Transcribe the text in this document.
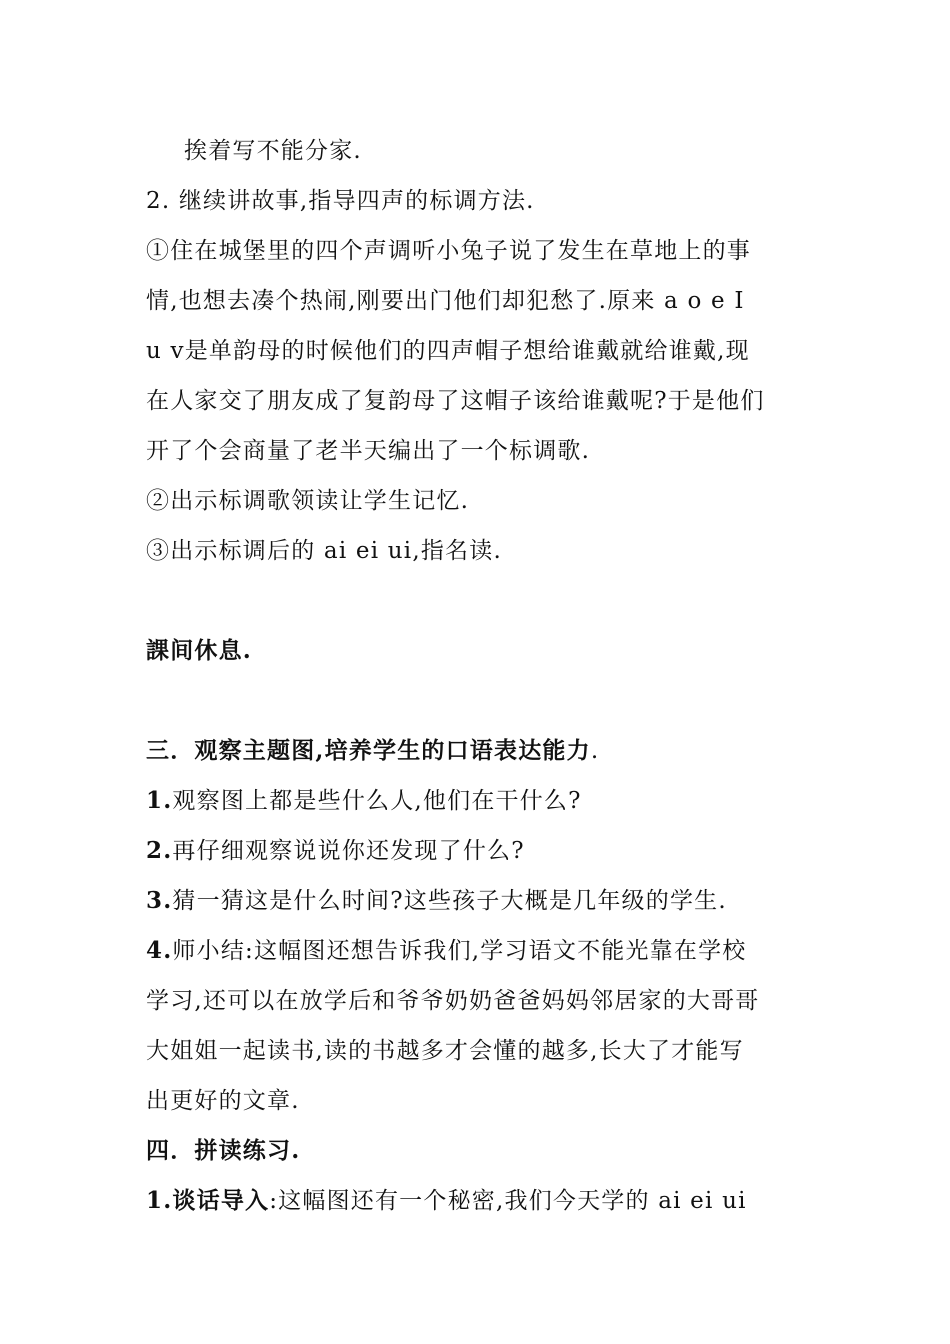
挨着写不能分家.
2. 继续讲故事,指导四声的标调方法.
①住在城堡里的四个声调听小兔子说了发生在草地上的事
情,也想去凑个热闹,刚要出门他们却犯愁了.原来 a o e I
u v是单韵母的时候他们的四声帽子想给谁戴就给谁戴,现
在人家交了朋友成了复韵母了这帽子该给谁戴呢?于是他们
开了个会商量了老半天编出了一个标调歌.
②出示标调歌领读让学生记忆.
③出示标调后的 ai ei ui,指名读.
課间休息.
三．观察主题图,培养学生的口语表达能力.
1.观察图上都是些什么人,他们在干什么?
2.再仔细观察说说你还发现了什么?
3.猜一猜这是什么时间?这些孩子大概是几年级的学生.
4.师小结:这幅图还想告诉我们,学习语文不能光靠在学校
学习,还可以在放学后和爷爷奶奶爸爸妈妈邻居家的大哥哥
大姐姐一起读书,读的书越多才会懂的越多,长大了才能写
出更好的文章.
四．拼读练习.
1.谈话导入:这幅图还有一个秘密,我们今天学的 ai ei ui
